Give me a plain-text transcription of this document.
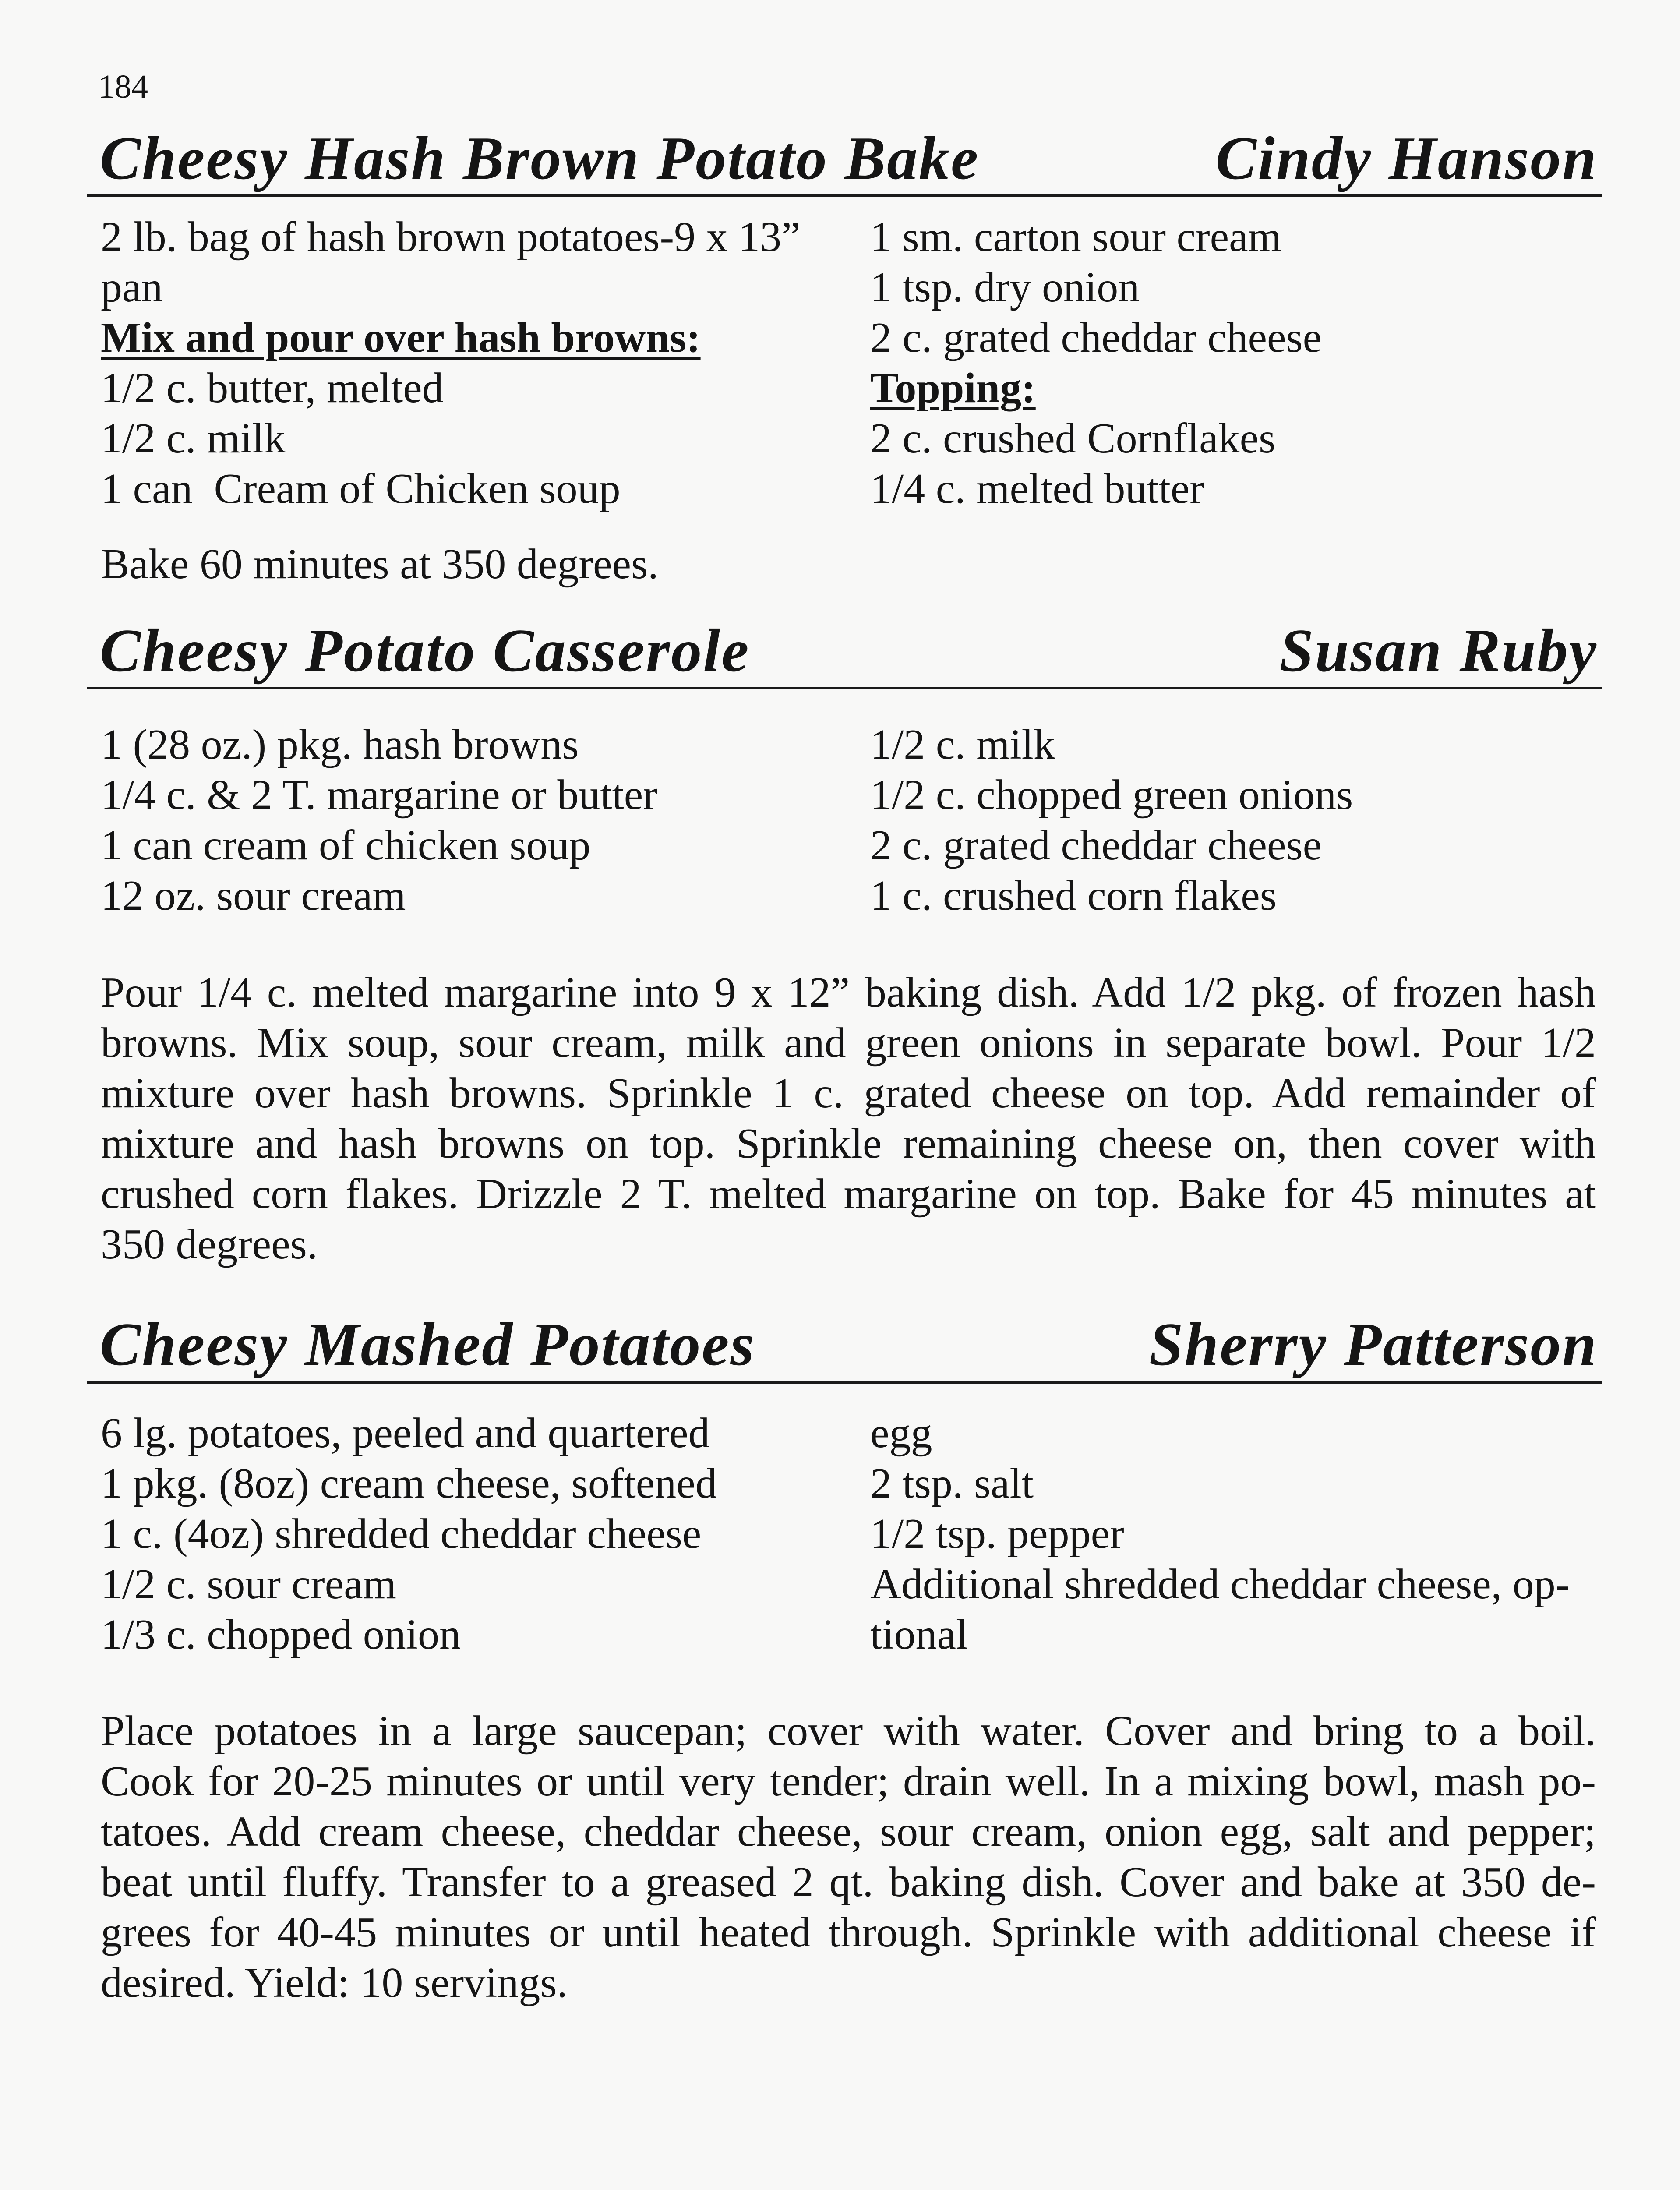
184
Cheesy Hash Brown Potato Bake	Cindy Hanson
2 lb. bag of hash brown potatoes-9 x 13”
pan
Mix and pour over hash browns:
1/2 c. butter, melted
1/2 c. milk
1 can  Cream of Chicken soup
1 sm. carton sour cream
1 tsp. dry onion
2 c. grated cheddar cheese
Topping:
2 c. crushed Cornflakes
1/4 c. melted butter
Bake 60 minutes at 350 degrees.
Cheesy Potato Casserole	Susan Ruby
1 (28 oz.) pkg. hash browns
1/4 c. & 2 T. margarine or butter
1 can cream of chicken soup
12 oz. sour cream
1/2 c. milk
1/2 c. chopped green onions
2 c. grated cheddar cheese
1 c. crushed corn flakes
Pour 1/4 c. melted margarine into 9 x 12” baking dish. Add 1/2 pkg. of frozen hash
browns. Mix soup, sour cream, milk and green onions in separate bowl. Pour 1/2
mixture over hash browns. Sprinkle 1 c. grated cheese on top. Add remainder of
mixture and hash browns on top. Sprinkle remaining cheese on, then cover with
crushed corn flakes. Drizzle 2 T. melted margarine on top. Bake for 45 minutes at
350 degrees.
Cheesy Mashed Potatoes	Sherry Patterson
6 lg. potatoes, peeled and quartered
1 pkg. (8oz) cream cheese, softened
1 c. (4oz) shredded cheddar cheese
1/2 c. sour cream
1/3 c. chopped onion
egg
2 tsp. salt
1/2 tsp. pepper
Additional shredded cheddar cheese, op-
tional
Place potatoes in a large saucepan; cover with water. Cover and bring to a boil.
Cook for 20-25 minutes or until very tender; drain well. In a mixing bowl, mash po-
tatoes. Add cream cheese, cheddar cheese, sour cream, onion egg, salt and pepper;
beat until fluffy. Transfer to a greased 2 qt. baking dish. Cover and bake at 350 de-
grees for 40-45 minutes or until heated through. Sprinkle with additional cheese if
desired. Yield: 10 servings.
